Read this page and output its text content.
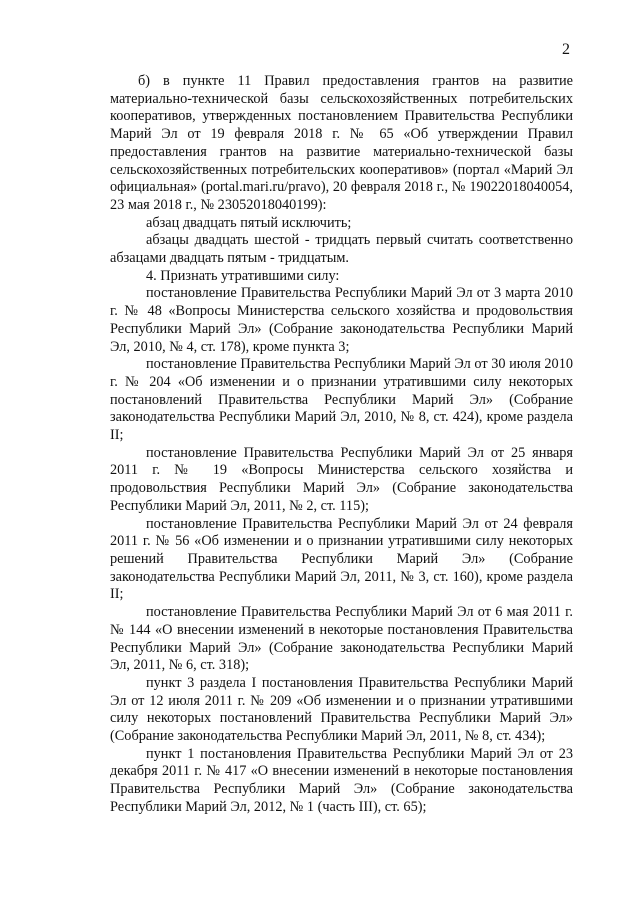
2

б) в пункте 11 Правил предоставления грантов на развитие материально-технической базы сельскохозяйственных потребительских кооперативов, утвержденных постановлением Правительства Республики Марий Эл от 19 февраля 2018 г. № 65 «Об утверждении Правил предоставления грантов на развитие материально-технической базы сельскохозяйственных потребительских кооперативов» (портал «Марий Эл официальная» (portal.mari.ru/pravo), 20 февраля 2018 г., № 19022018040054, 23 мая 2018 г., № 23052018040199):

абзац двадцать пятый исключить;

абзацы двадцать шестой - тридцать первый считать соответственно абзацами двадцать пятым - тридцатым.

4. Признать утратившими силу:

постановление Правительства Республики Марий Эл от 3 марта 2010 г. № 48 «Вопросы Министерства сельского хозяйства и продовольствия Республики Марий Эл» (Собрание законодательства Республики Марий Эл, 2010, № 4, ст. 178), кроме пункта 3;

постановление Правительства Республики Марий Эл от 30 июля 2010 г. № 204 «Об изменении и о признании утратившими силу некоторых постановлений Правительства Республики Марий Эл» (Собрание законодательства Республики Марий Эл, 2010, № 8, ст. 424), кроме раздела II;

постановление Правительства Республики Марий Эл от 25 января 2011 г. № 19 «Вопросы Министерства сельского хозяйства и продовольствия Республики Марий Эл» (Собрание законодательства Республики Марий Эл, 2011, № 2, ст. 115);

постановление Правительства Республики Марий Эл от 24 февраля 2011 г. № 56 «Об изменении и о признании утратившими силу некоторых решений Правительства Республики Марий Эл» (Собрание законодательства Республики Марий Эл, 2011, № 3, ст. 160), кроме раздела II;

постановление Правительства Республики Марий Эл от 6 мая 2011 г. № 144 «О внесении изменений в некоторые постановления Правительства Республики Марий Эл» (Собрание законодательства Республики Марий Эл, 2011, № 6, ст. 318);

пункт 3 раздела I постановления Правительства Республики Марий Эл от 12 июля 2011 г. № 209 «Об изменении и о признании утратившими силу некоторых постановлений Правительства Республики Марий Эл» (Собрание законодательства Республики Марий Эл, 2011, № 8, ст. 434);

пункт 1 постановления Правительства Республики Марий Эл от 23 декабря 2011 г. № 417 «О внесении изменений в некоторые постановления Правительства Республики Марий Эл» (Собрание законодательства Республики Марий Эл, 2012, № 1 (часть III), ст. 65);
